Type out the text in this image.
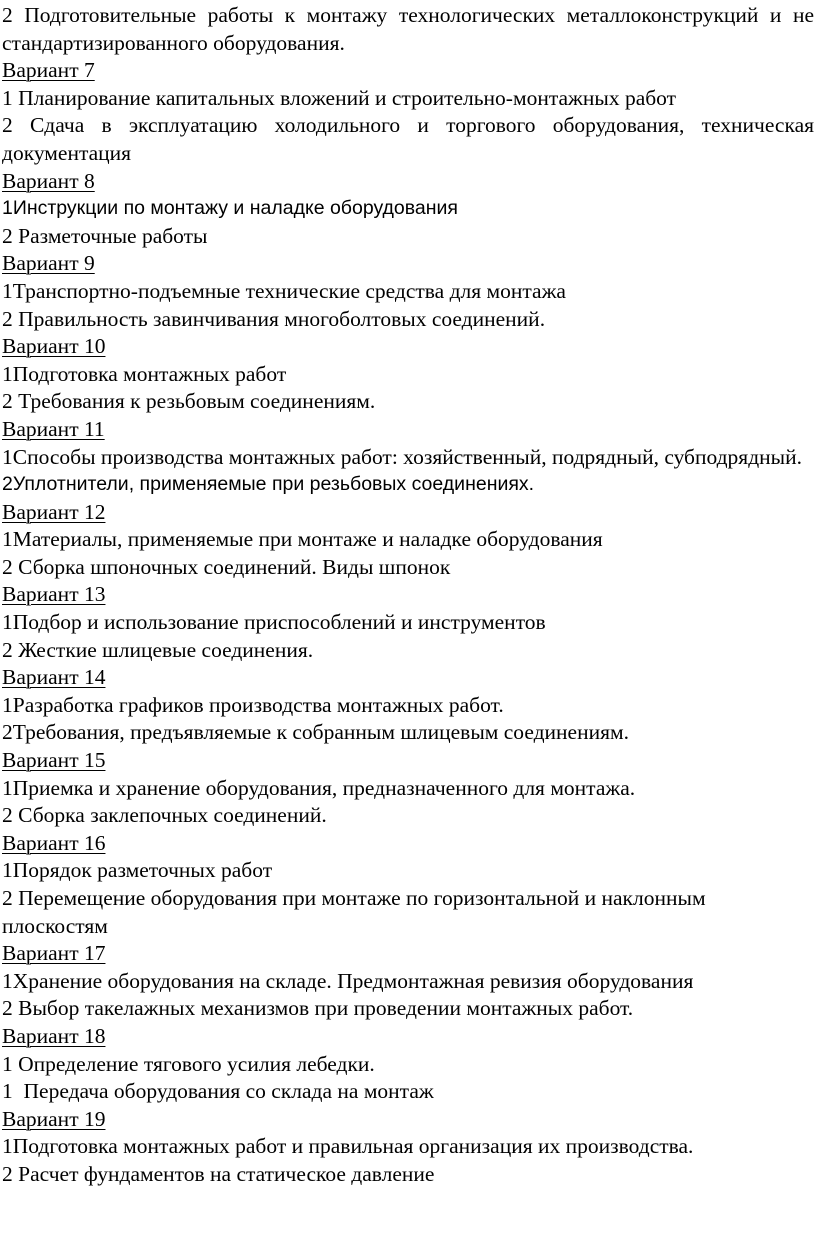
2 Подготовительные работы к монтажу технологических металлоконструкций и не стандартизированного оборудования.

Вариант 7

1 Планирование капитальных вложений и строительно-монтажных работ

2 Сдача в эксплуатацию холодильного и торгового оборудования, техническая документация

Вариант 8

1Инструкции по монтажу и наладке оборудования

2 Разметочные работы

Вариант 9

1Транспортно-подъемные технические средства для монтажа

2 Правильность завинчивания многоболтовых соединений.

Вариант 10

1Подготовка монтажных работ

2 Требования к резьбовым соединениям.

Вариант 11

1Способы производства монтажных работ: хозяйственный, подрядный, субподрядный.

2Уплотнители, применяемые при резьбовых соединениях.

Вариант 12

1Материалы, применяемые при монтаже и наладке оборудования

2 Сборка шпоночных соединений. Виды шпонок

Вариант 13

1Подбор и использование приспособлений и инструментов

2 Жесткие шлицевые соединения.

Вариант 14

1Разработка графиков производства монтажных работ.

2Требования, предъявляемые к собранным шлицевым соединениям.

Вариант 15

1Приемка и хранение оборудования, предназначенного для монтажа.

2 Сборка заклепочных соединений.

Вариант 16

1Порядок разметочных работ

2 Перемещение оборудования при монтаже по горизонтальной и наклонным плоскостям

Вариант 17

1Хранение оборудования на складе. Предмонтажная ревизия оборудования

2 Выбор такелажных механизмов при проведении монтажных работ.

Вариант 18

1 Определение тягового усилия лебедки.

1  Передача оборудования со склада на монтаж

Вариант 19

1Подготовка монтажных работ и правильная организация их производства.

2 Расчет фундаментов на статическое давление
